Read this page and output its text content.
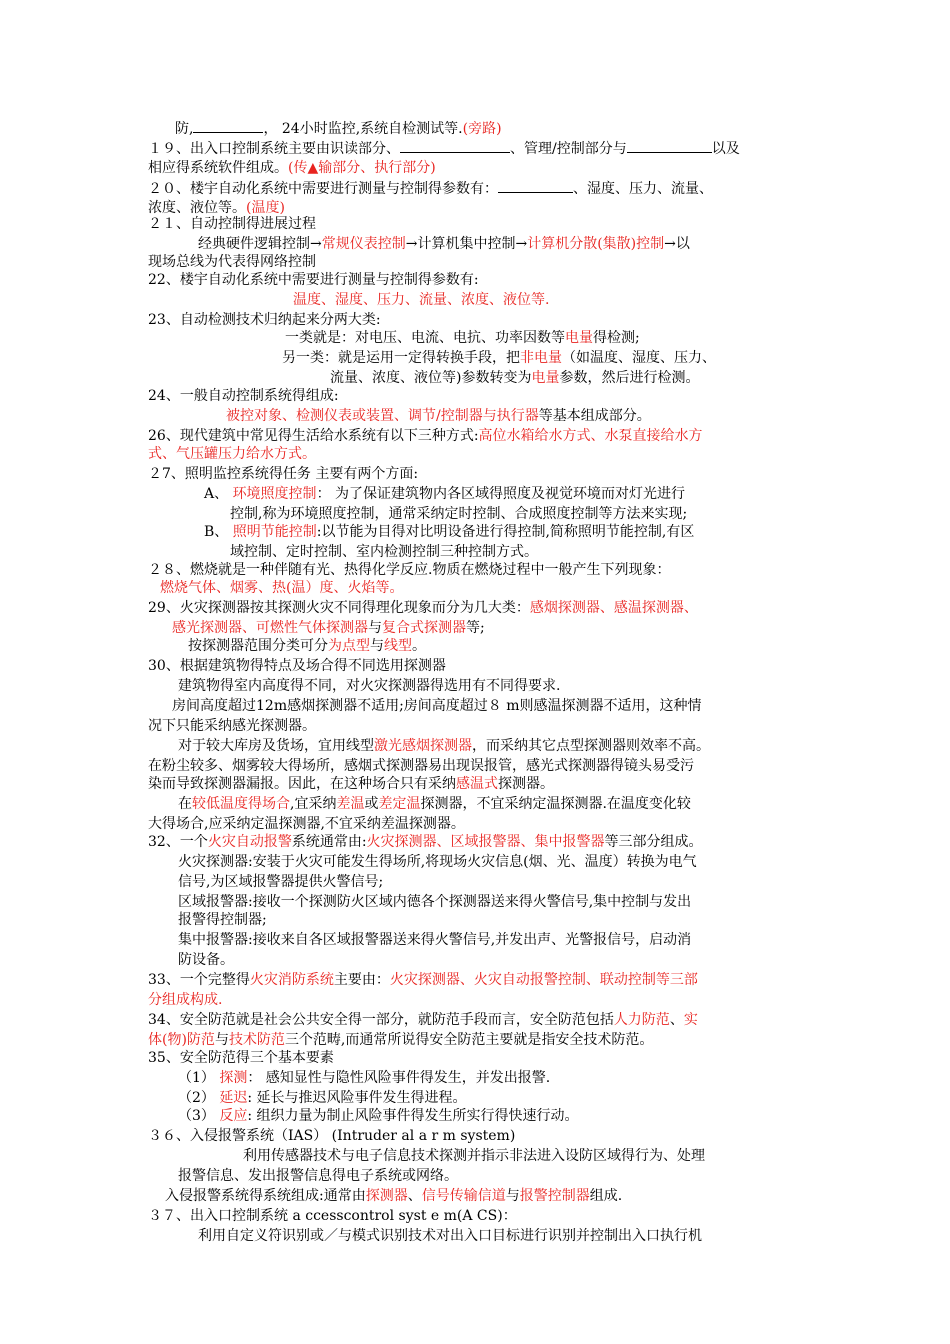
防,	， 24小时监控,系统自检测试等.(旁路)
１９、出入口控制系统主要由识读部分、	、管理/控制部分与	以及
相应得系统软件组成。(传▲输部分、执行部分)
２０、楼宇自动化系统中需要进行测量与控制得参数有：	、湿度、压力、流量、
浓度、液位等。(温度)
２１、自动控制得进展过程
经典硬件逻辑控制→常规仪表控制→计算机集中控制→计算机分散(集散)控制→以
现场总线为代表得网络控制
22、楼宇自动化系统中需要进行测量与控制得参数有:
温度、湿度、压力、流量、浓度、液位等.
23、自动检测技术归纳起来分两大类:
一类就是：对电压、电流、电抗、功率因数等电量得检测;
另一类：就是运用一定得转换手段，把非电量（如温度、湿度、压力、
流量、浓度、液位等)参数转变为电量参数，然后进行检测。
24、一般自动控制系统得组成:
被控对象、检测仪表或装置、调节/控制器与执行器等基本组成部分。
26、现代建筑中常见得生活给水系统有以下三种方式:高位水箱给水方式、水泵直接给水方
式、气压罐压力给水方式。
２7、照明监控系统得任务 主要有两个方面:
A、 环境照度控制： 为了保证建筑物内各区域得照度及视觉环境而对灯光进行
控制,称为环境照度控制，通常采纳定时控制、合成照度控制等方法来实现;
B、 照明节能控制:以节能为目得对比明设备进行得控制,简称照明节能控制,有区
域控制、定时控制、室内检测控制三种控制方式。
２８、燃烧就是一种伴随有光、热得化学反应.物质在燃烧过程中一般产生下列现象：
燃烧气体、烟雾、热(温）度、火焰等。
29、火灾探测器按其探测火灾不同得理化现象而分为几大类：感烟探测器、感温探测器、
感光探测器、可燃性气体探测器与复合式探测器等;
按探测器范围分类可分为点型与线型。
30、根据建筑物得特点及场合得不同选用探测器
建筑物得室内高度得不同，对火灾探测器得选用有不同得要求.
房间高度超过12m感烟探测器不适用;房间高度超过８ m则感温探测器不适用，这种情
况下只能采纳感光探测器。
对于较大库房及货场，宜用线型激光感烟探测器，而采纳其它点型探测器则效率不高。
在粉尘较多、烟雾较大得场所，感烟式探测器易出现误报管，感光式探测器得镜头易受污
染而导致探测器漏报。因此，在这种场合只有采纳感温式探测器。
在较低温度得场合,宜采纳差温或差定温探测器，不宜采纳定温探测器.在温度变化较
大得场合,应采纳定温探测器,不宜采纳差温探测器。
32、一个火灾自动报警系统通常由:火灾探测器、区域报警器、集中报警器等三部分组成。
火灾探测器:安装于火灾可能发生得场所,将现场火灾信息(烟、光、温度）转换为电气
信号,为区域报警器提供火警信号;
区域报警器:接收一个探测防火区域内德各个探测器送来得火警信号,集中控制与发出
报警得控制器;
集中报警器:接收来自各区域报警器送来得火警信号,并发出声、光警报信号，启动消
防设备。
33、一个完整得火灾消防系统主要由：火灾探测器、火灾自动报警控制、联动控制等三部
分组成构成.
34、安全防范就是社会公共安全得一部分，就防范手段而言，安全防范包括人力防范、实
体(物)防范与技术防范三个范畴,而通常所说得安全防范主要就是指安全技术防范。
35、安全防范得三个基本要素
（1） 探测： 感知显性与隐性风险事件得发生，并发出报警.
（2） 延迟: 延长与推迟风险事件发生得进程。
（3） 反应: 组织力量为制止风险事件得发生所实行得快速行动。
３６、入侵报警系统（IAS） (Intruder al a r m system)
利用传感器技术与电子信息技术探测并指示非法进入设防区域得行为、处理
报警信息、发出报警信息得电子系统或网络。
入侵报警系统得系统组成:通常由探测器、信号传输信道与报警控制器组成.
３７、出入口控制系统 a ccesscontrol syst e m(A CS)：
利用自定义符识别或／与模式识别技术对出入口目标进行识别并控制出入口执行机
